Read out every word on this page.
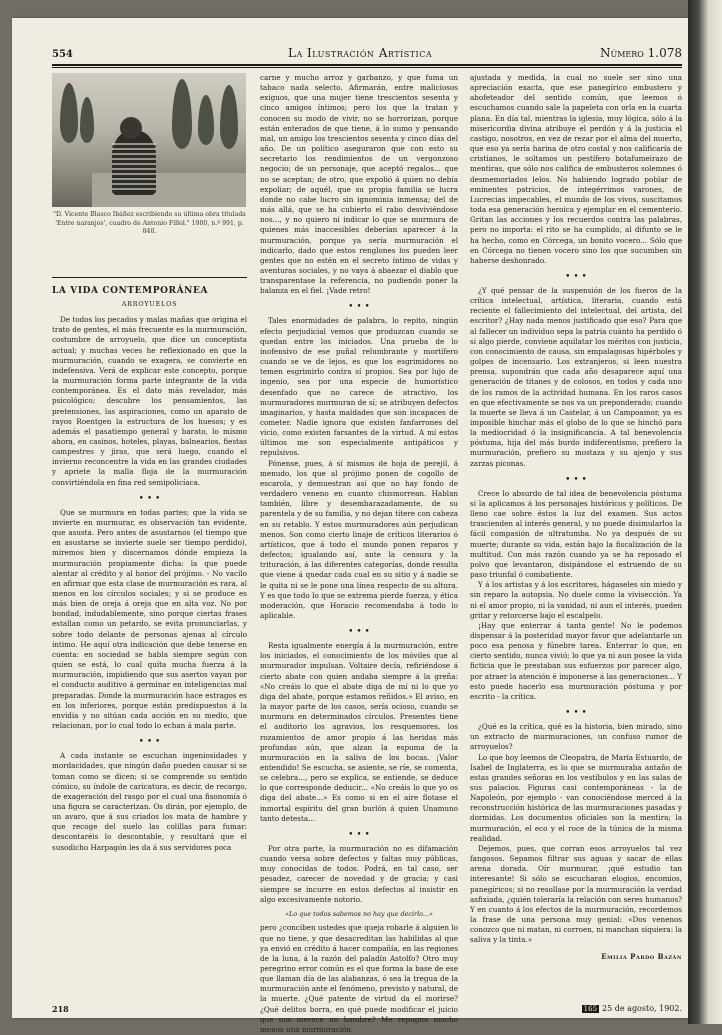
554	La Ilustración Artística	Número 1.078
"D. Vicente Blasco Ibáñez escribiendo su última obra titulada 'Entre naranjos', cuadro de Antonio Fillol." 1900, n.º 991, p. 840.
LA VIDA CONTEMPORÁNEA
ARROYUELOS

De todos los pecados y malas mañas que origina el trato de gentes, el más frecuente es la murmuración, costumbre de arroyuelo, que dice un conceptista actual; y muchas veces he reflexionado en que la murmuración, cuando se exagera, se convierte en indefensiva. Verá de explicar este concepto, porque la murmuración forma parte integrante de la vida contemporánea. Es el dato más revelador, más psicológico; descubre los pensamientos, las pretensiones, las aspiraciones, como un aparato de rayos Roentgen la estructura de los huesos; y es además el pasatiempo general y barato, lo mismo ahora, en casinos, hoteles, playas, balnearios, fiestas campestres y jiras, que será luego, cuando el invierno reconcentre la vida en las grandes ciudades y apriete la malla floja de la murmuración convirtiéndola en fina red semipolicíaca.

• • •

Que se murmura en todas partes; que la vida se invierte en murmurar, es observación tan evidente, que asusta. Pero antes de asustarnos (el tiempo que en asustarse se invierte suele ser tiempo perdido), miremos bien y discernamos dónde empieza la murmuración propiamente dicha: la que puede alentar al crédito y al honor del prójimo. - No vacilo en afirmar que esta clase de murmuración es rara, al menos en los círculos sociales; y si se produce es más bien de oreja á oreja que en alta voz. No por bondad, indudablemente, sino porque ciertas frases estallan como un petardo, se evita pronunciarlas, y sobre todo delante de personas ajenas al círculo íntimo. He aquí otra indicación que debe tenerse en cuenta: en sociedad se habla siempre según con quien se está, lo cual quita mucha fuerza á la murmuración, impidiendo que sus asertos vayan por el conducto auditivo á germinar en inteligencias mal preparadas. Donde la murmuración hace estragos es en los inferiores, porque están predispuestos á la envidia y no sitúan cada acción en su medio, que relacionan, por lo cual todo lo echan á mala parte.

• • •

A cada instante se escuchan ingeniosidades y mordacidades, que ningún daño pueden causar si se toman como se dicen; si se comprende su sentido cómico, su índole de caricatura, es decir, de recargo, de exageración del rasgo por el cual una fisonomía ó una figura se caracterizan. Os dirán, por ejemplo, de un avaro, que á sus criados los mata de hambre y que recoge del suelo las colillas para fumar: descontaréis lo descontable, y resultará que el susodicho Harpagón les da á sus servidores poca

carne y mucho arroz y garbanzo, y que fuma un tabaco nada selecto. Afirmarán, entre maliciosos exiguos, que una mujer tiene trescientos sesenta y cinco amigos íntimos; pero los que la tratan y conocen su modo de vivir, no se horrorizan, porque están enterados de que tiene, á lo sumo y pensando mal, un amigo los trescientos sesenta y cinco días del año. De un político aseguraron que con esto su secretario los rendimientos de un vergonzoso negocio; de un personaje, que aceptó regalos... que no se aceptan; de otro, que expolió á quien no debía expoliar; de aquél, que su propia familia se lucra donde no cabe lucro sin ignominia inmensa; del de más allá, que se ha cubierto el rabo desviviéndose nos..., y no quiero ni indicar lo que se murmura de quienes más inaccesibles deberían aparecer á la murmuración, porque ya sería murmuración el indicarlo, dado que estos renglones los pueden leer gentes que no estén en el secreto íntimo de vidas y aventuras sociales, y no vaya á abaezar el diablo que transparentase la referencia, no pudiendo poner la balanza en el fiel. ¡Vade retro!

• • •

Tales enormidades de palabra, lo repito, ningún efecto perjudicial vemos que produzcan cuando se quedan entre los iniciados. Una prueba de lo inofensivo de ese puñal relumbrante y mortífero cuando se ve de lejos, es que los esgrimidores no temen esgrimirlo contra sí propios. Sea por lujo de ingenio, sea por una especie de humorístico desenfado que no carece de atractivo, los murmuradores murmuran de sí; se atribuyen defectos imaginarios, y hasta maldades que son incapaces de cometer. Nadie ignora que existen fanfarrones del vicio, como existen farsantes de la virtud. A mí estos últimos me son especialmente antipáticos y repulsivos.

Pónense, pues, á sí mismos de hoja de perejil, á menudo, los que al prójimo ponen de cogollo de escarola, y demuestran así que no hay fondo de verdadero veneno en cuanto chismorrean. Hablan también, libre y desembarazadamente, de su parentela y de su familia, y no dejan títere con cabeza en su retablo. Y estos murmuradores aún perjudican menos. Son como cierto linaje de críticos literarios ó artísticos, que á todo el mundo ponen reparos y defectos; igualando así, ante la censura y la trituración, á las diferentes categorías, donde resulta que viene á quedar cada cual en su sitio y á nadie se le quita ni se le pone una línea respecto de su altura. Y es que todo lo que se extrema pierde fuerza, y ética moderación, que Horacio recomendaba á todo lo aplicable.

• • •

Resta igualmente energía á la murmuración, entre los iniciados, el conocimiento de los móviles que al murmurador impulsan. Voltaire decía, refiriéndose á cierto abate con quien andaba siempre á la greña: «No creáis lo que el abate diga de mí ni lo que yo diga del abate, porque estamos reñidos.» El aviso, en la mayor parte de los casos, sería ocioso, cuando se murmura en determinados círculos. Presentes tiene el auditorio los agravios, los resquemores, los rozamientos de amor propio á las heridas más profundas aún, que alzan la espuma de la murmuración en la saliva de los bocas. ¡Valor entendido! Se escucha, se asiente, se ríe, se comenta, se celebra..., pero se explica, se entiende, se deduce lo que corresponde deducir... «No creáis lo que yo os diga del abate...» Es como si en el aire flotase el inmortal espíritu del gran burlón á quien Unamuno tanto detesta...

• • •

Por otra parte, la murmuración no es difamación cuando versa sobre defectos y faltas muy públicas, muy conocidas de todos. Podrá, en tal caso, ser pesadez, carecer de novedad y de gracia; y casi siempre se incurre en estos defectos al insistir en algo excesivamente notorio.

«Lo que todos sabemos no hay que decirlo...»

pero ¿conciben ustedes que queja robarle á alguien lo que no tiene, y que desacreditan las habilidas al que ya envió en crédito á hacer compañía, en las regiones de la luna, á la razón del paladín Astolfo? Otro muy peregrino error común es el que forma la base de ese que llaman día de las alabanzas, ó sea la tregua de la murmuración ante el fenómeno, previsto y natural, de la muerte. ¿Qué patente de virtud da el morirse? ¿Qué delitos borra, en qué puede modificar el juicio que nos merece un hombre? Me repugna mucho menos una murmuración

ajustada y medida, la cual no suele ser sino una apreciación exacta, que ese panegírico embustero y abofeteador del sentido común, que leemos ó escuchamos cuando sale la papeleta con orla en la cuarta plana. En día tal, mientras la iglesia, muy lógica, sólo á la misericordia divina atribuye el perdón y á la justicia el castigo, nosotros, en vez de rezar por el alma del muerto, que eso ya sería harina de otro costal y nos calificaría de cristianos, le soltamos un pestífero botafumeirazo de mentiras, que sólo nos califica de embusteros solemnes ó desmemoriados lelos. No habiendo logrado poblar de eminentes patricios, de íntegérrimos varones, de Lucrecias impecables, el mundo de los vivos, suscitamos toda esa generación heroica y ejemplar en el cementerio. Gritan las acciones y los recuerdos contra las palabras, pero no importa: el rito se ha cumplido, al difunto se le ha hecho, como en Córcega, un bonito vocero... Sólo que en Córcega no tienen vocero sino los que sucumben sin haberse deshonrado.

• • •

¿Y qué pensar de la suspensión de los fueros de la crítica intelectual, artística, literaria, cuando está reciente el fallecimiento del intelectual, del artista, del escritor? ¿Hay nada menos justificado que eso? Para que al fallecer un individuo sepa la patria cuánto ha perdido ó si algo pierde, conviene aquilatar los méritos con justicia, con conocimiento de causa, sin empalagosas hipérboles y golpes de incensario. Los extranjeros, si leen nuestra prensa, supondrán que cada año desaparece aquí una generación de titanes y de colosos, en todos y cada uno de los ramos de la actividad humana. En los raros casos en que efectivamente se nos va un preponderado; cuando la muerte se lleva á un Castelar, á un Campoamor, ya es imposible hinchar más el globo de lo que se hinchó para la mediocridad ó la insignificancia. A tal benevolencia póstuma, hija del más burdo indiferentismo, prefiero la murmuración, prefiero su mostaza y su ajenjo y sus zarzas piconas.

• • •

Crece lo absurdo de tal idea de benevolencia póstuma si la aplicamos á los personajes históricos y políticos. De lleno cae sobre éstos la luz del examen. Sus actos trascienden al interés general, y no puede disimularlos la fácil compasión de ultratumba. No ya después de su muerte; durante su vida, están bajo la fiscalización de la multitud. Con más razón cuando ya se ha reposado el polvo que levantaron, disipándose el estruendo de su paso triunfal ó combatiente.

Y á los artistas y á los escritores, hágaseles sin miedo y sin reparo la autopsia. No duele como la vivisección. Ya ni el amor propio, ni la vanidad, ni aun el interés, pueden gritar y retorcerse bajo el escalpelo.

¡Hay que enterrar á tanta gente! No le podemos dispensar á la posteridad mayor favor que adelantarle un poco esa penosa y fúnebre tarea. Enterrar lo que, en cierto sentido, nunca vivió; lo que ya ni aun posee la vida ficticia que le prestaban sus esfuerzos por parecer algo, por atraer la atención é imponerse á las generaciones... Y esto puede hacerlo esa murmuración póstuma y por escrito - la crítica.

• • •

¿Qué es la crítica, qué es la historia, bien mirado, sino un extracto de murmuraciones, un confuso rumor de arroyuelos?

Lo que hoy leemos de Cleopatra, de María Estuardo, de Isabel de Inglaterra, es lo que se murmuraba antaño de estas grandes señoras en los vestíbulos y en las salas de sus palacios. Figuras casi contemporáneas - la de Napoleón, por ejemplo - van conociéndose merced á la reconstrucción histórica de las murmuraciones pasadas y dormidas. Los documentos oficiales son la mentira; la murmuración, el eco y el roce de la túnica de la misma realidad.

Dejemos, pues, que corran esos arroyuelos tal vez fangosos. Sepamos filtrar sus aguas y sacar de ellas arena dorada. Oír murmurar, ¡qué estudio tan interesante! Si sólo se escucharan elogios, encomios, panegíricos; si no resollase por la murmuración la verdad asfixiada, ¿quién toleraría la relación con seres humanos? Y en cuanto á los efectos de la murmuración, recordemos la frase de una persona muy genial: «Dos venenos conozco que ni matan, ni corroen, ni manchan siquiera: la saliva y la tinta.»

Emilia Pardo Bazán
218	165 25 de agosto, 1902.
